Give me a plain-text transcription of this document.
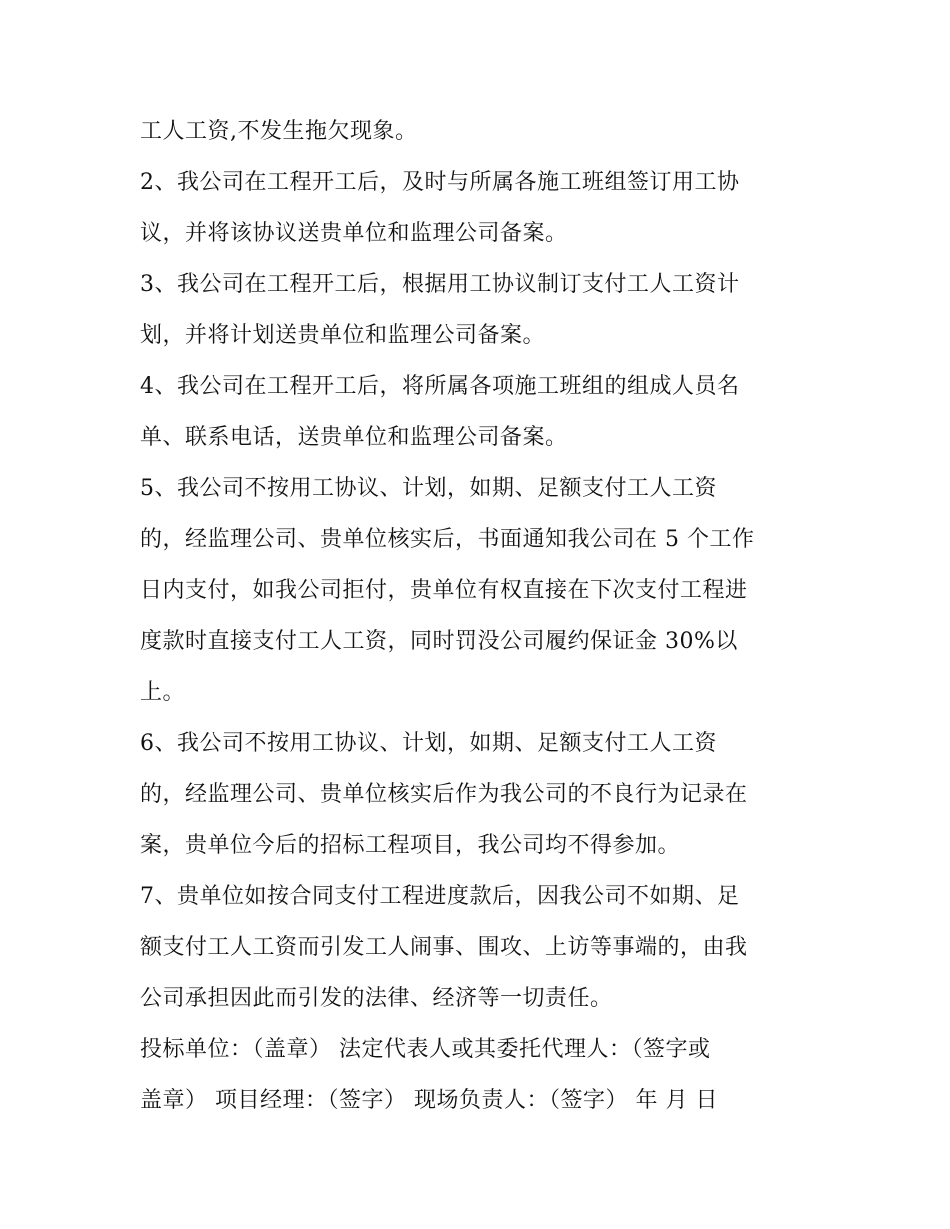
工人工资,不发生拖欠现象。
2、我公司在工程开工后，及时与所属各施工班组签订用工协
议，并将该协议送贵单位和监理公司备案。
3、我公司在工程开工后，根据用工协议制订支付工人工资计
划，并将计划送贵单位和监理公司备案。
4、我公司在工程开工后，将所属各项施工班组的组成人员名
单、联系电话，送贵单位和监理公司备案。
5、我公司不按用工协议、计划，如期、足额支付工人工资
的，经监理公司、贵单位核实后，书面通知我公司在 5 个工作
日内支付，如我公司拒付，贵单位有权直接在下次支付工程进
度款时直接支付工人工资，同时罚没公司履约保证金 30%以
上。
6、我公司不按用工协议、计划，如期、足额支付工人工资
的，经监理公司、贵单位核实后作为我公司的不良行为记录在
案，贵单位今后的招标工程项目，我公司均不得参加。
7、贵单位如按合同支付工程进度款后，因我公司不如期、足
额支付工人工资而引发工人闹事、围攻、上访等事端的，由我
公司承担因此而引发的法律、经济等一切责任。
投标单位：（盖章） 法定代表人或其委托代理人：（签字或
盖章） 项目经理：（签字） 现场负责人：（签字） 年 月 日
